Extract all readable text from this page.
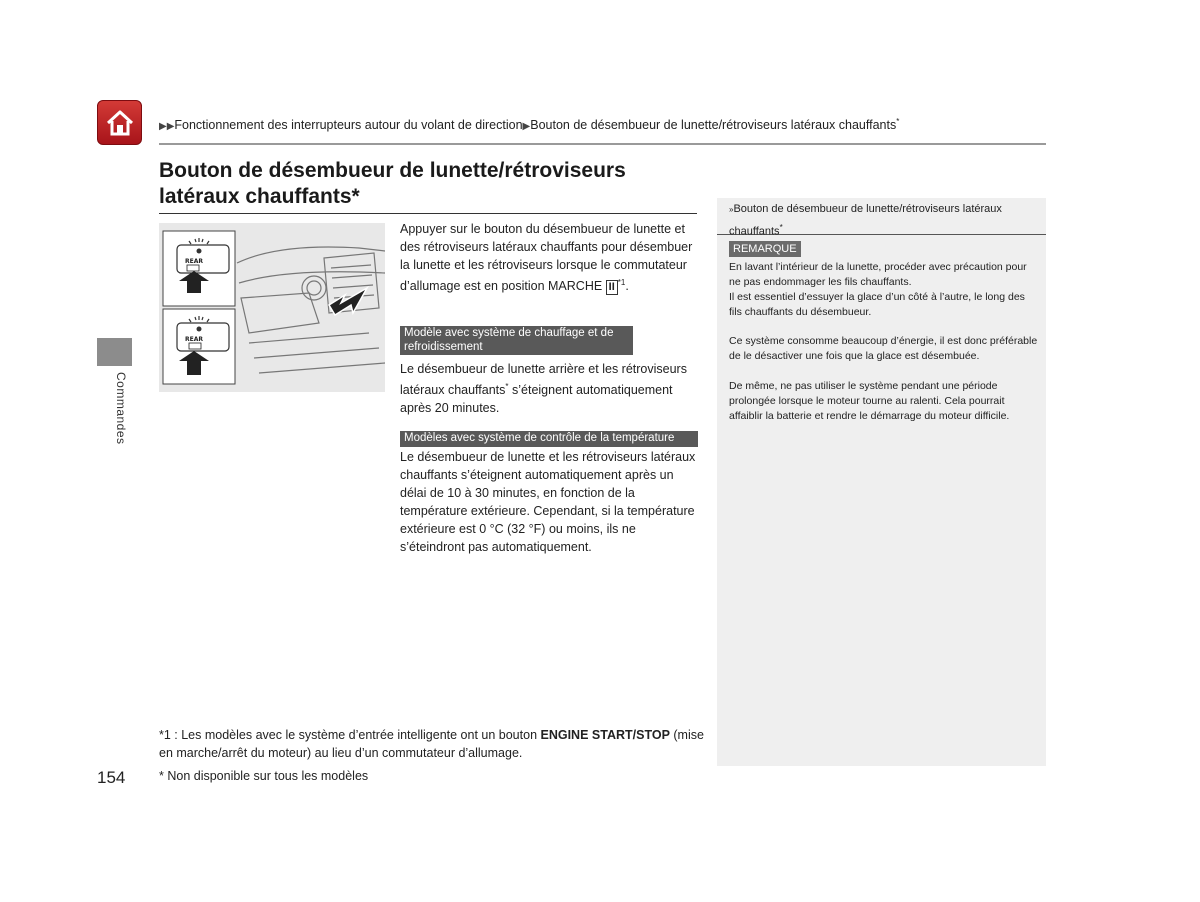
▶▶Fonctionnement des interrupteurs autour du volant de direction▶Bouton de désembueur de lunette/rétroviseurs latéraux chauffants*
Commandes
Bouton de désembueur de lunette/rétroviseurs latéraux chauffants*
REAR
REAR
Appuyer sur le bouton du désembueur de lunette et des rétroviseurs latéraux chauffants pour désembuer la lunette et les rétroviseurs lorsque le commutateur d’allumage est en position MARCHE II $^{*1}$.
Modèle avec système de chauffage et de refroidissement
Le désembueur de lunette arrière et les rétroviseurs latéraux chauffants* s’éteignent automatiquement après 20 minutes.
Modèles avec système de contrôle de la température
Le désembueur de lunette et les rétroviseurs latéraux chauffants s’éteignent automatiquement après un délai de 10 à 30 minutes, en fonction de la température extérieure. Cependant, si la température extérieure est 0 °C (32 °F) ou moins, ils ne s’éteindront pas automatiquement.
*1 : Les modèles avec le système d’entrée intelligente ont un bouton ENGINE START/STOP (mise en marche/arrêt du moteur) au lieu d’un commutateur d’allumage.
* Non disponible sur tous les modèles
154
»Bouton de désembueur de lunette/rétroviseurs latéraux chauffants*
REMARQUE
En lavant l’intérieur de la lunette, procéder avec précaution pour ne pas endommager les fils chauffants.
Il est essentiel d’essuyer la glace d’un côté à l’autre, le long des fils chauffants du désembueur.
Ce système consomme beaucoup d’énergie, il est donc préférable de le désactiver une fois que la glace est désembuée.
De même, ne pas utiliser le système pendant une période prolongée lorsque le moteur tourne au ralenti. Cela pourrait affaiblir la batterie et rendre le démarrage du moteur difficile.
